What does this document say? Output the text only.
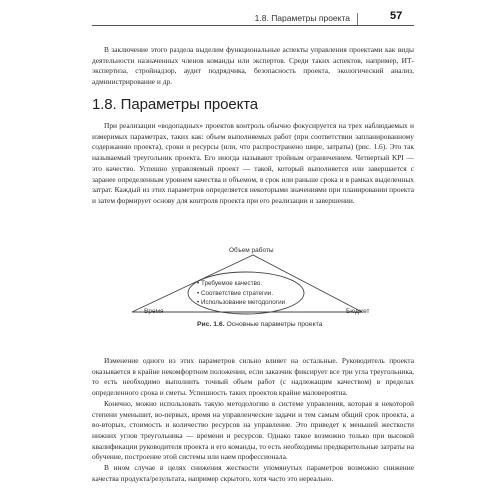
1.8. Параметры проекта	57

В заключение этого раздела выделим функциональные аспекты управления проектами как виды деятельности назначенных членов команды или экспертов. Среди таких аспектов, например, ИТ-экспертиза, стройнадзор, аудит подрядчика, безопасность проекта, экологический анализ, администрирование и др.

1.8. Параметры проекта

При реализации «водопадных» проектов контроль обычно фокусируется на трех наблюдаемых и измеримых параметрах, таких как: объем выполняемых работ (при соответствии запланированному содержанию проекта), сроки и ресурсы (или, что распространено шире, затраты) (рис. 1.6). Это так называемый треугольник проекта. Его иногда называют тройным ограничением. Четвертый KPI — это качество. Успешно управляемый проект — такой, который выполняется или завершается с заранее определенным уровнем качества и объемом, в срок или раньше срока и в рамках выделенных затрат. Каждый из этих параметров определяется некоторыми значениями при планировании проекта и затем формирует основу для контроля проекта при его реализации и завершении.

Объем работы
Время	Бюджет
• Требуемое качество.
• Соответствие стратегии.
• Использование методологии
Рис. 1.6. Основные параметры проекта

Изменение одного из этих параметров сильно влияет на остальные. Руководитель проекта оказывается в крайне некомфортном положении, если заказчик фиксирует все три угла треугольника, то есть необходимо выполнить точный объем работ (с надлежащим качеством) в пределах определенного срока и сметы. Успешность таких проектов крайне маловероятна.

Конечно, можно использовать такую методологию в системе управления, которая в некоторой степени уменьшит, во-первых, время на управленческие задачи и тем самым общий срок проекта, а во-вторых, стоимость и количество ресурсов на управление. Это приведет к меньшей жесткости нижних углов треугольника — времени и ресурсов. Однако такое возможно только при высокой квалификации руководителя проекта и его команды, то есть необходимы предварительные затраты на обучение, построение этой системы или наем профессионала.

В ином случае в целях снижения жесткости упомянутых параметров возможно снижение качества продукта/результата, например скрытого, хотя часто это нереально.
